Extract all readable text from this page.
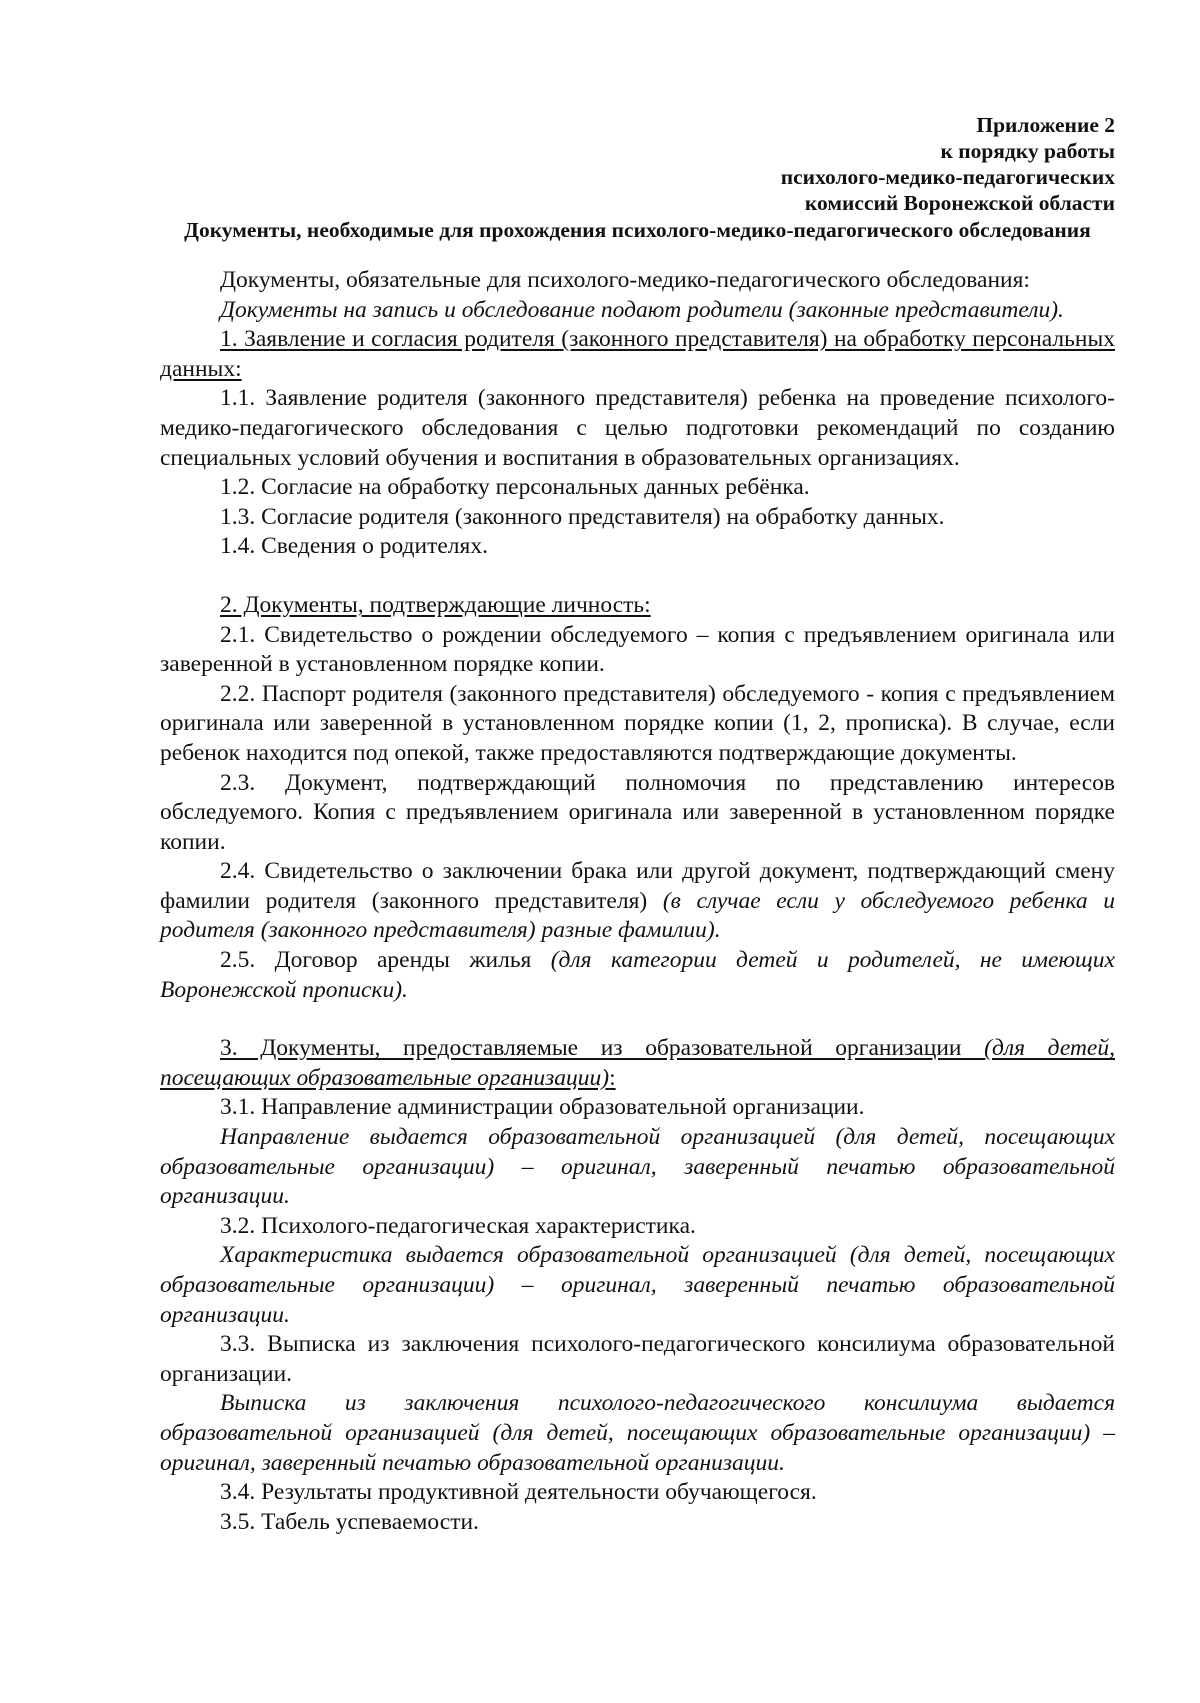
Приложение 2
к порядку работы
психолого-медико-педагогических
комиссий Воронежской области
Документы, необходимые для прохождения психолого-медико-педагогического обследования

Документы, обязательные для психолого-медико-педагогического обследования:

Документы на запись и обследование подают родители (законные представители).

1. Заявление и согласия родителя (законного представителя) на обработку персональных данных:

1.1. Заявление родителя (законного представителя) ребенка на проведение психолого-медико-педагогического обследования с целью подготовки рекомендаций по созданию специальных условий обучения и воспитания в образовательных организациях.

1.2. Согласие на обработку персональных данных ребёнка.

1.3. Согласие родителя (законного представителя) на обработку данных.

1.4. Сведения о родителях.

2. Документы, подтверждающие личность:

2.1. Свидетельство о рождении обследуемого – копия с предъявлением оригинала или заверенной в установленном порядке копии.

2.2. Паспорт родителя (законного представителя) обследуемого - копия с предъявлением оригинала или заверенной в установленном порядке копии (1, 2, прописка). В случае, если ребенок находится под опекой, также предоставляются подтверждающие документы.

2.3. Документ, подтверждающий полномочия по представлению интересов обследуемого. Копия с предъявлением оригинала или заверенной в установленном порядке копии.

2.4. Свидетельство о заключении брака или другой документ, подтверждающий смену фамилии родителя (законного представителя) (в случае если у обследуемого ребенка и родителя (законного представителя) разные фамилии).

2.5. Договор аренды жилья (для категории детей и родителей, не имеющих Воронежской прописки).

3. Документы, предоставляемые из образовательной организации (для детей, посещающих образовательные организации):

3.1. Направление администрации образовательной организации.

Направление выдается образовательной организацией (для детей, посещающих образовательные организации) – оригинал, заверенный печатью образовательной организации.

3.2. Психолого-педагогическая характеристика.

Характеристика выдается образовательной организацией (для детей, посещающих образовательные организации) – оригинал, заверенный печатью образовательной организации.

3.3. Выписка из заключения психолого-педагогического консилиума образовательной организации.

Выписка из заключения психолого-педагогического консилиума выдается образовательной организацией (для детей, посещающих образовательные организации) – оригинал, заверенный печатью образовательной организации.

3.4. Результаты продуктивной деятельности обучающегося.

3.5. Табель успеваемости.
